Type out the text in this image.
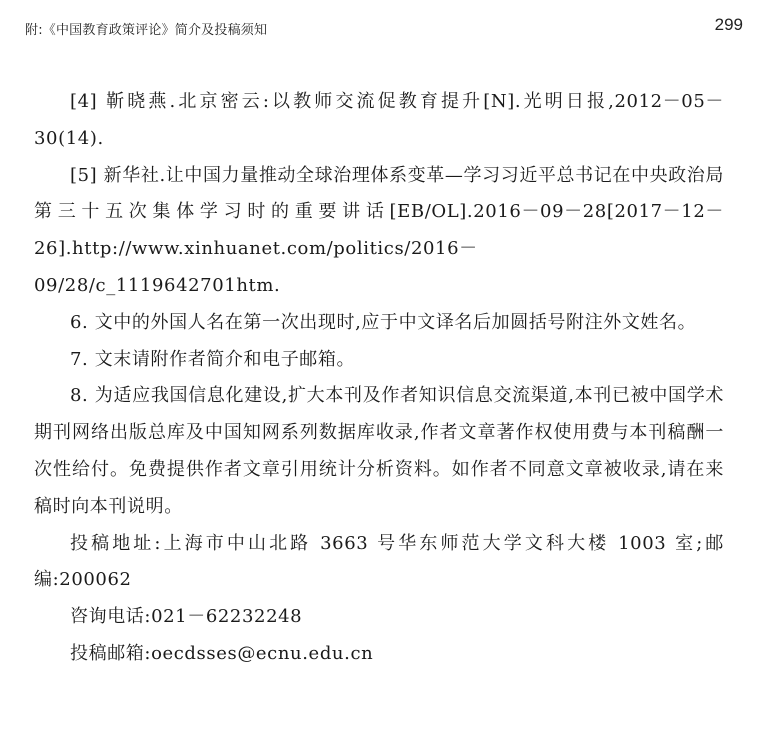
附:《中国教育政策评论》简介及投稿须知	299

[4] 靳晓燕.北京密云:以教师交流促教育提升[N].光明日报,2012－05－30(14).

[5] 新华社.让中国力量推动全球治理体系变革—学习习近平总书记在中央政治局第三十五次集体学习时的重要讲话[EB/OL].2016－09－28[2017－12－26].http://www.xinhuanet.com/politics/2016－09/28/c_1119642701htm.

6. 文中的外国人名在第一次出现时,应于中文译名后加圆括号附注外文姓名。

7. 文末请附作者简介和电子邮箱。

8. 为适应我国信息化建设,扩大本刊及作者知识信息交流渠道,本刊已被中国学术期刊网络出版总库及中国知网系列数据库收录,作者文章著作权使用费与本刊稿酬一次性给付。免费提供作者文章引用统计分析资料。如作者不同意文章被收录,请在来稿时向本刊说明。

投稿地址:上海市中山北路 3663 号华东师范大学文科大楼 1003 室;邮编:200062

咨询电话:021－62232248

投稿邮箱:oecdsses@ecnu.edu.cn
